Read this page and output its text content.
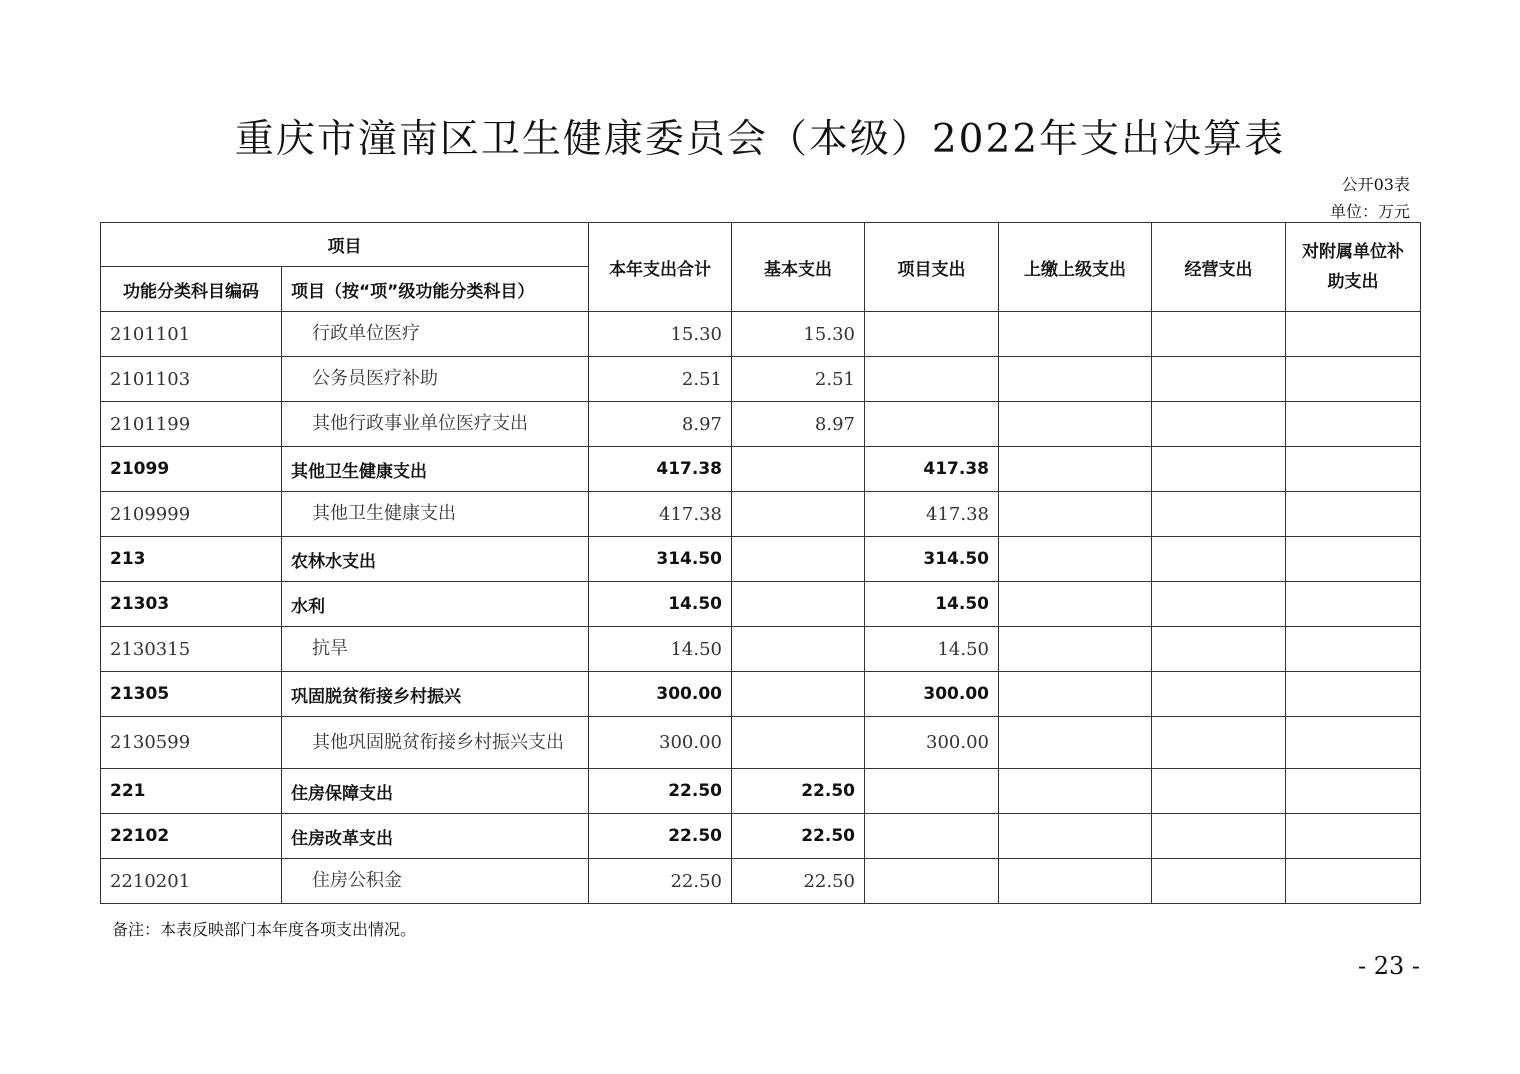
重庆市潼南区卫生健康委员会（本级）2022年支出决算表
公开03表
单位：万元
项目		本年支出合计	基本支出	项目支出	上缴上级支出	经营支出	对附属单位补助支出
功能分类科目编码	项目（按“项”级功能分类科目）						
2101101	行政单位医疗	15.30	15.30				
2101103	公务员医疗补助	2.51	2.51				
2101199	其他行政事业单位医疗支出	8.97	8.97				
21099	其他卫生健康支出	417.38		417.38			
2109999	其他卫生健康支出	417.38		417.38			
213	农林水支出	314.50		314.50			
21303	水利	14.50		14.50			
2130315	抗旱	14.50		14.50			
21305	巩固脱贫衔接乡村振兴	300.00		300.00			
2130599	其他巩固脱贫衔接乡村振兴支出	300.00		300.00			
221	住房保障支出	22.50	22.50				
22102	住房改革支出	22.50	22.50				
2210201	住房公积金	22.50	22.50				
备注：本表反映部门本年度各项支出情况。
- 23 -
